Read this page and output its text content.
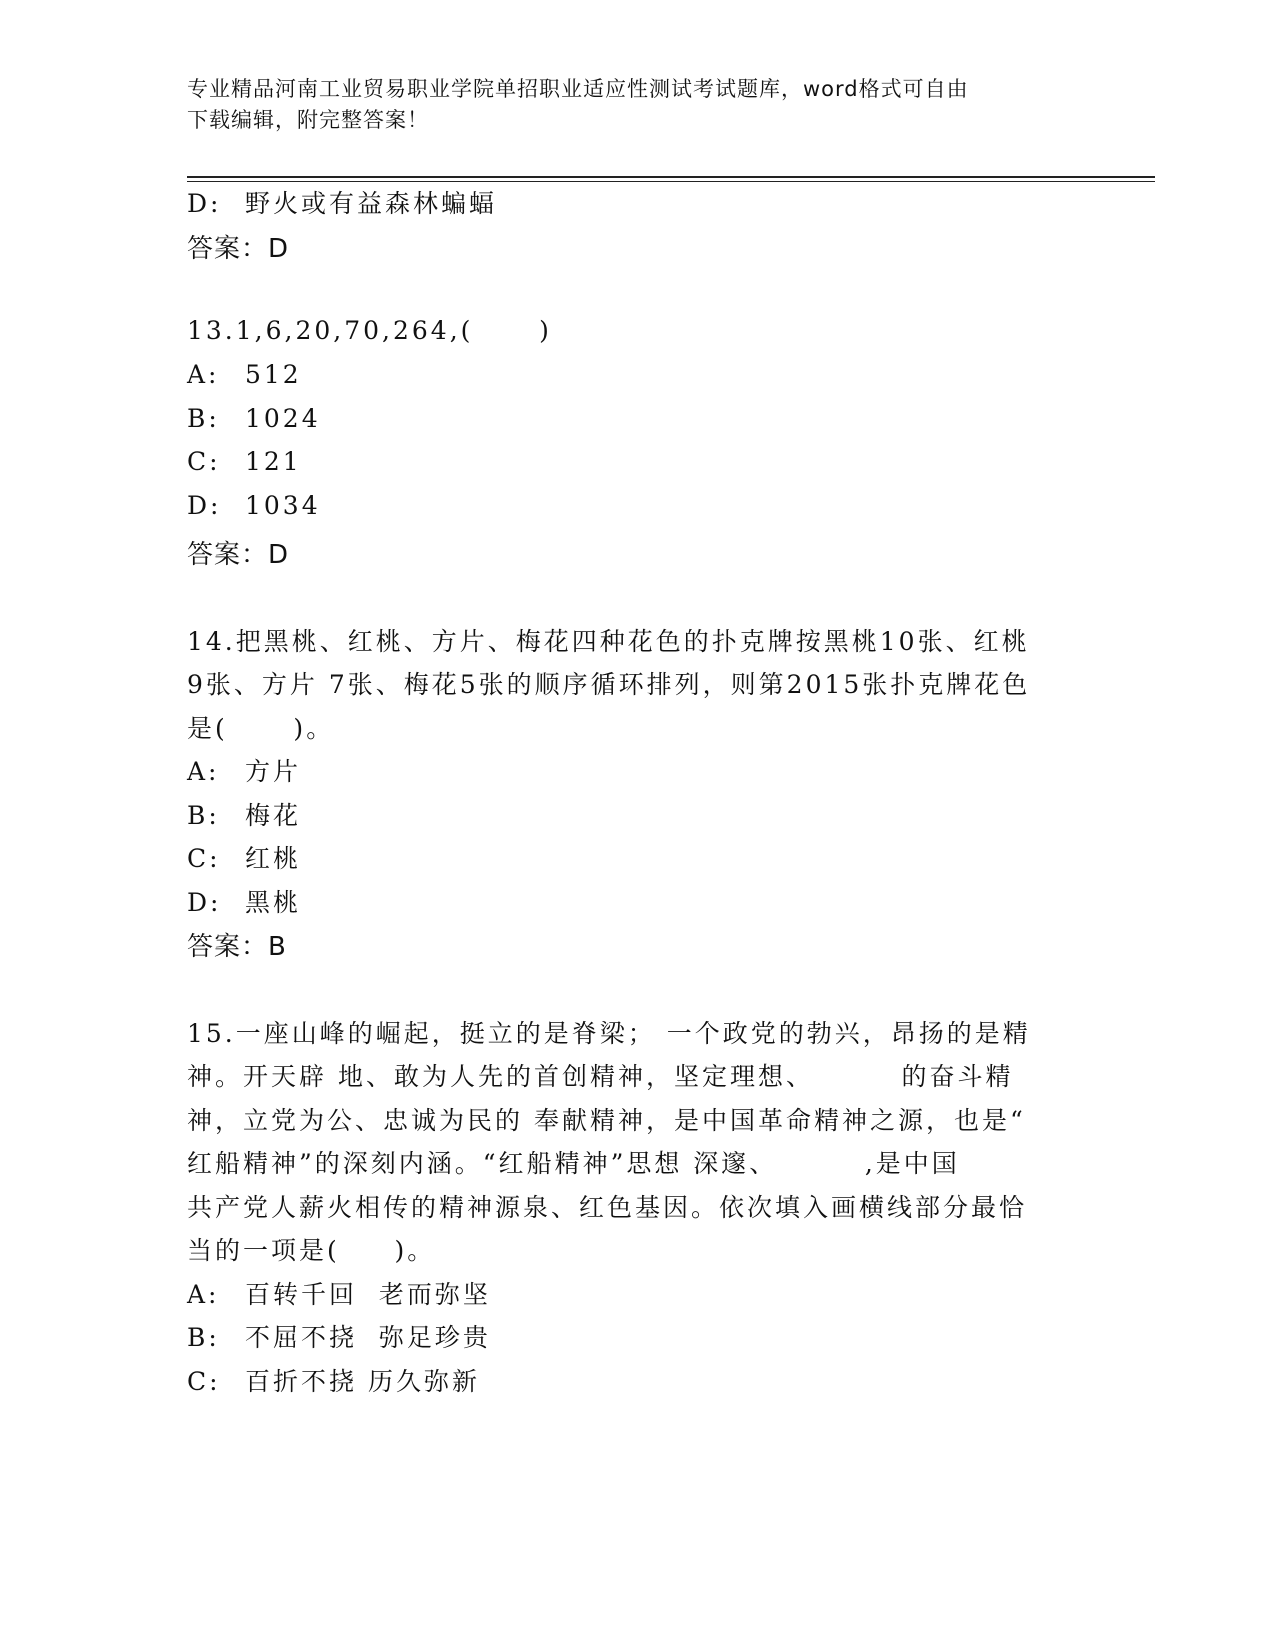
专业精品河南工业贸易职业学院单招职业适应性测试考试题库，word格式可自由
下载编辑，附完整答案！
D: 野火或有益森林蝙蝠
答案：D
13.1,6,20,70,264,(      )
A: 512
B: 1024
C: 121
D: 1034
答案：D
14.把黑桃、红桃、方片、梅花四种花色的扑克牌按黑桃10张、红桃
9张、方片 7张、梅花5张的顺序循环排列，则第2015张扑克牌花色
是(      )。
A: 方片
B: 梅花
C: 红桃
D: 黑桃
答案：B
15.一座山峰的崛起，挺立的是脊梁； 一个政党的勃兴，昂扬的是精
神。开天辟 地、敢为人先的首创精神，坚定理想、        的奋斗精
神，立党为公、忠诚为民的 奉献精神，是中国革命精神之源，也是“
红船精神”的深刻内涵。“红船精神”思想 深邃、        ,是中国
共产党人薪火相传的精神源泉、红色基因。依次填入画横线部分最恰
当的一项是(     )。
A: 百转千回  老而弥坚
B: 不屈不挠  弥足珍贵
C: 百折不挠 历久弥新
